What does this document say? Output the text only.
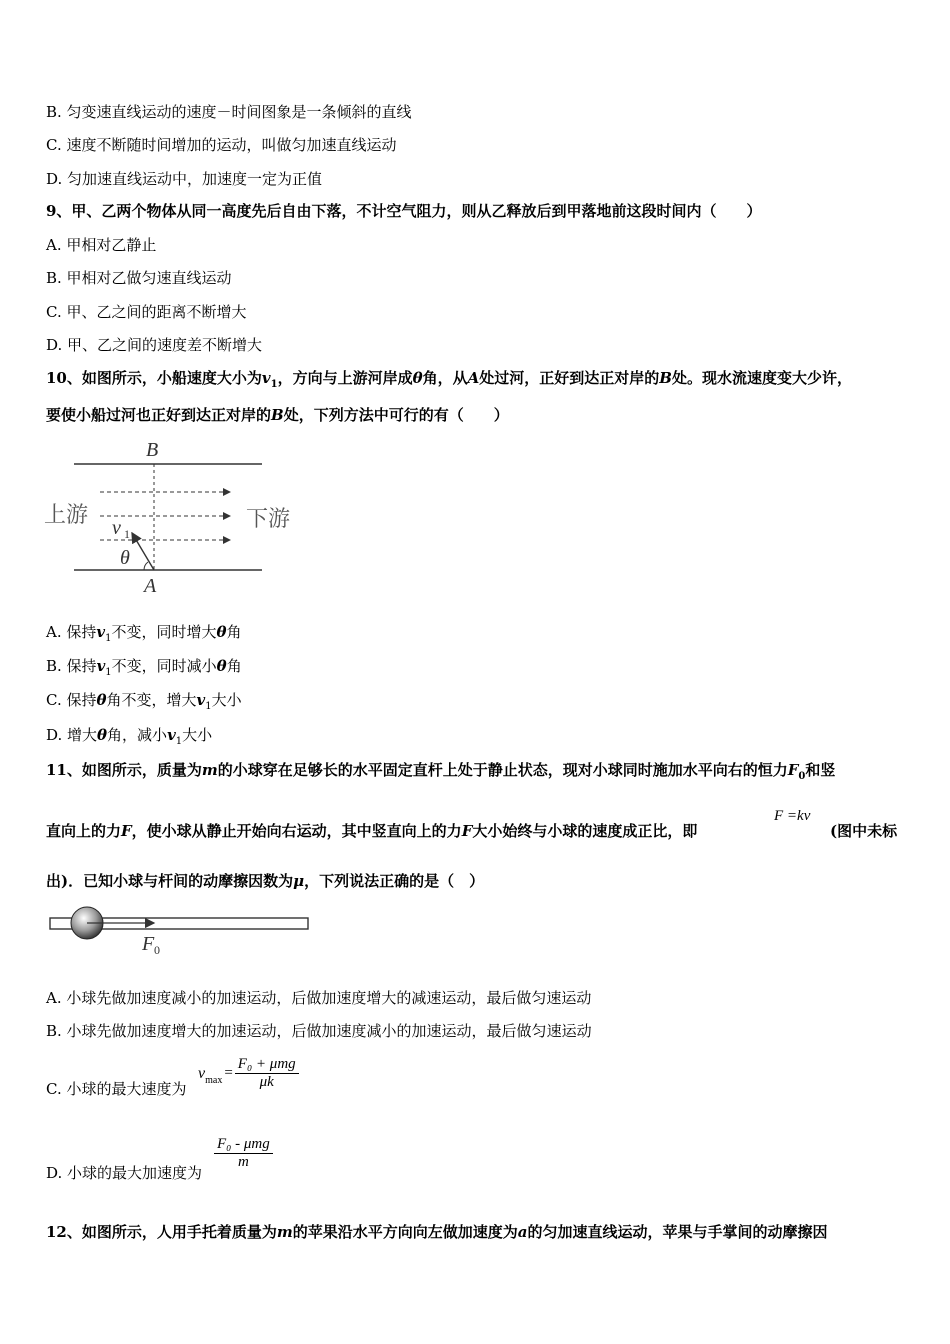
B. 匀变速直线运动的速度－时间图象是一条倾斜的直线
C. 速度不断随时间增加的运动，叫做匀加速直线运动
D. 匀加速直线运动中，加速度一定为正值
9、甲、乙两个物体从同一高度先后自由下落，不计空气阻力，则从乙释放后到甲落地前这段时间内（　　）
A. 甲相对乙静止
B. 甲相对乙做匀速直线运动
C. 甲、乙之间的距离不断增大
D. 甲、乙之间的速度差不断增大
10、如图所示，小船速度大小为$v_1$，方向与上游河岸成θ角，从A处过河，正好到达正对岸的B处。现水流速度变大少许，
要使小船过河也正好到达正对岸的B处，下列方法中可行的有（　　）
B
A
上游	下游
v 1
θ
A. 保持$v_1$不变，同时增大θ角
B. 保持$v_1$不变，同时减小θ角
C. 保持θ角不变，增大$v_1$大小
D. 增大θ角，减小$v_1$大小
11、如图所示，质量为m的小球穿在足够长的水平固定直杆上处于静止状态，现对小球同时施加水平向右的恒力$F_0$和竖
直向上的力F，使小球从静止开始向右运动，其中竖直向上的力F大小始终与小球的速度成正比，即
F =kv
(图中未标
出)．已知小球与杆间的动摩擦因数为μ，下列说法正确的是（　）
F 0
A. 小球先做加速度减小的加速运动，后做加速度增大的减速运动，最后做匀速运动
B. 小球先做加速度增大的加速运动，后做加速度减小的加速运动，最后做匀速运动
C. 小球的最大速度为
v $\max = \frac{\text{F₀ + μmg}}{\mu k}$
D. 小球的最大加速度为
$\frac{\text{F₀ - μmg}}{m}$
12、如图所示，人用手托着质量为m的苹果沿水平方向向左做加速度为a的匀加速直线运动，苹果与手掌间的动摩擦因
